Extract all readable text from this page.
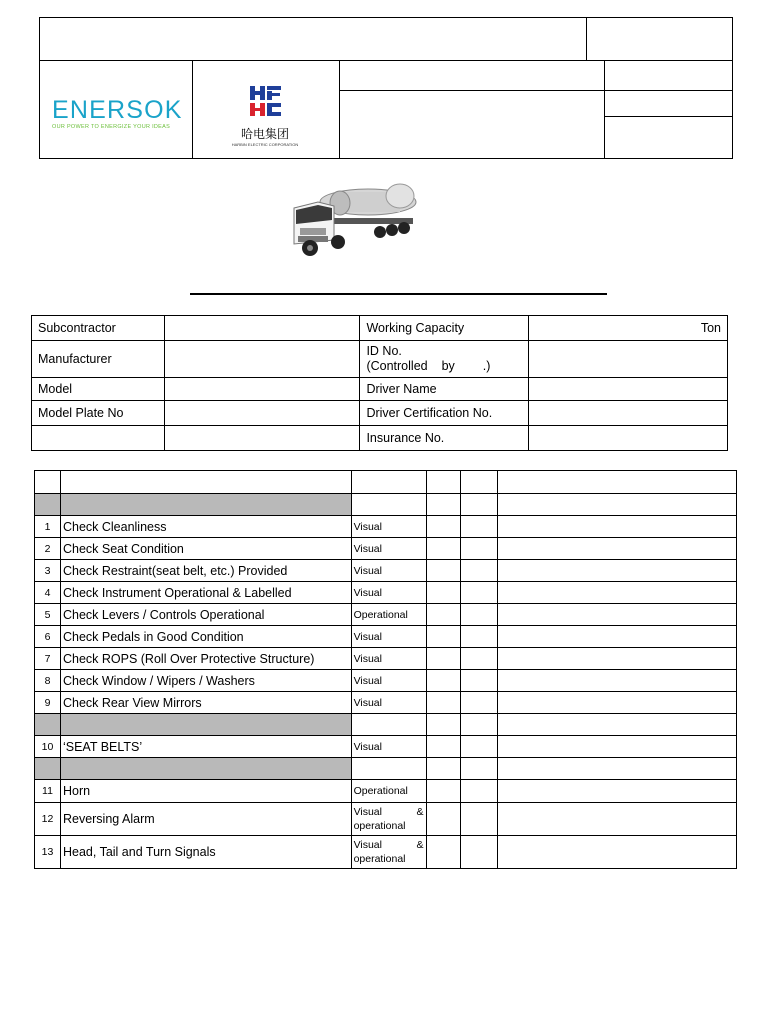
ENERSOK
OUR POWER TO ENERGIZE YOUR IDEAS	哈电集团
HARBIN ELECTRIC CORPORATION
Subcontractor		Working Capacity	Ton
Manufacturer		ID No.
(Controlled by .)	

Model		Driver Name	
Model Plate No		Driver Certification No.	
		Insurance No.	

1	Check Cleanliness	Visual			
2	Check Seat Condition	Visual			
3	Check Restraint(seat belt, etc.) Provided	Visual			
4	Check Instrument Operational & Labelled	Visual			
5	Check Levers / Controls Operational	Operational			
6	Check Pedals in Good Condition	Visual			
7	Check ROPS (Roll Over Protective Structure)	Visual			
8	Check Window / Wipers / Washers	Visual			
9	Check Rear View Mirrors	Visual			

10	‘SEAT BELTS’	Visual			

11	Horn	Operational			
12	Reversing Alarm	Visual &
operational			

13	Head, Tail and Turn Signals	Visual &
operational			
